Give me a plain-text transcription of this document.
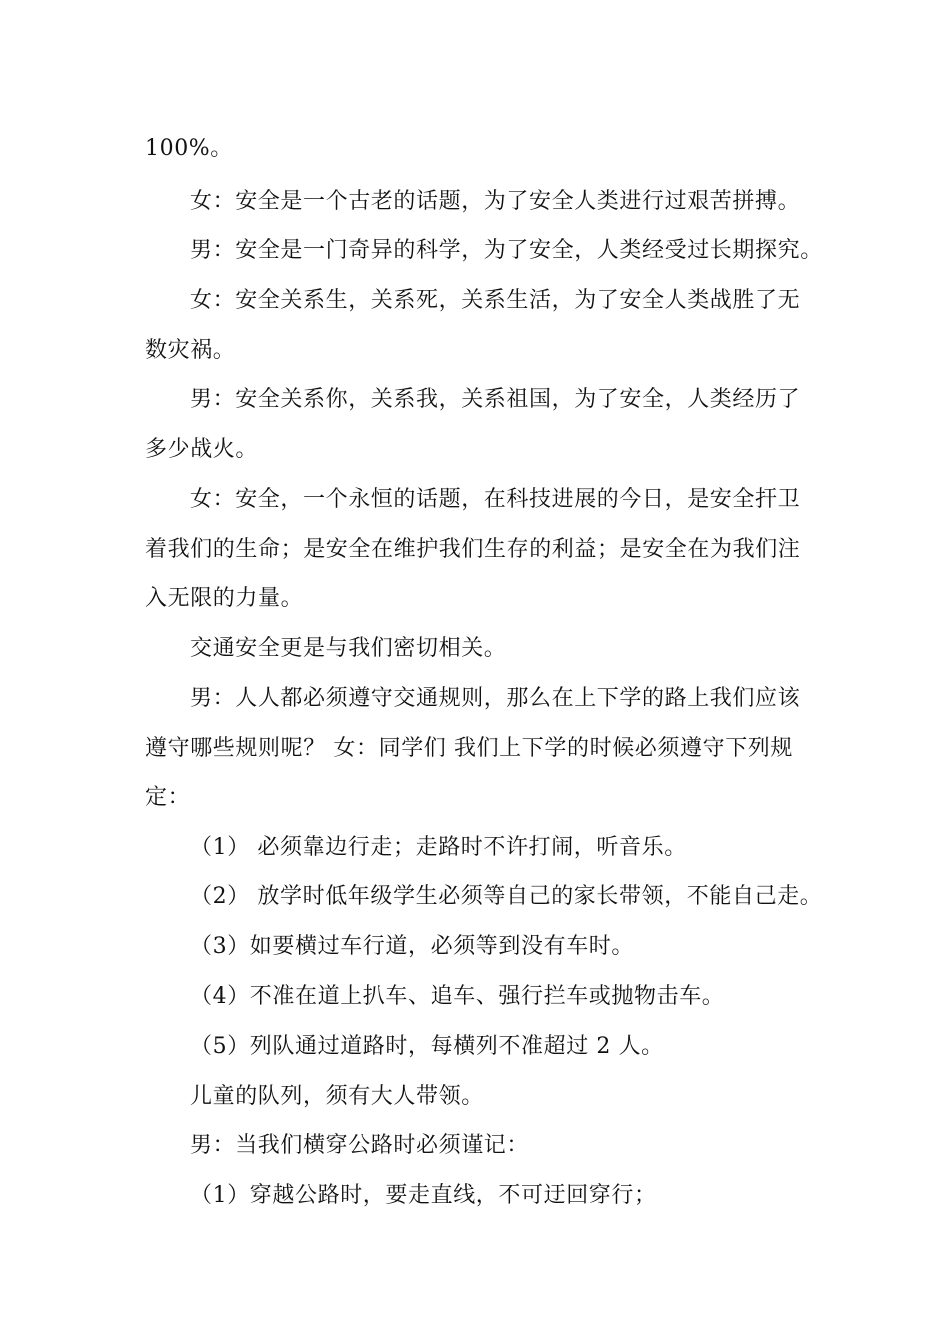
100%。

女：安全是一个古老的话题，为了安全人类进行过艰苦拼搏。

男：安全是一门奇异的科学，为了安全，人类经受过长期探究。

女：安全关系生，关系死，关系生活，为了安全人类战胜了无

数灾祸。

男：安全关系你，关系我，关系祖国，为了安全，人类经历了

多少战火。

女：安全，一个永恒的话题，在科技进展的今日，是安全扞卫

着我们的生命；是安全在维护我们生存的利益；是安全在为我们注

入无限的力量。

交通安全更是与我们密切相关。

男：人人都必须遵守交通规则，那么在上下学的路上我们应该

遵守哪些规则呢？ 女：同学们 我们上下学的时候必须遵守下列规

定：

（1） 必须靠边行走；走路时不许打闹，听音乐。

（2） 放学时低年级学生必须等自己的家长带领，不能自己走。

（3）如要横过车行道，必须等到没有车时。

（4）不准在道上扒车、追车、强行拦车或抛物击车。

（5）列队通过道路时，每横列不准超过 2 人。

儿童的队列，须有大人带领。

男：当我们横穿公路时必须谨记：

（1）穿越公路时，要走直线，不可迂回穿行；
